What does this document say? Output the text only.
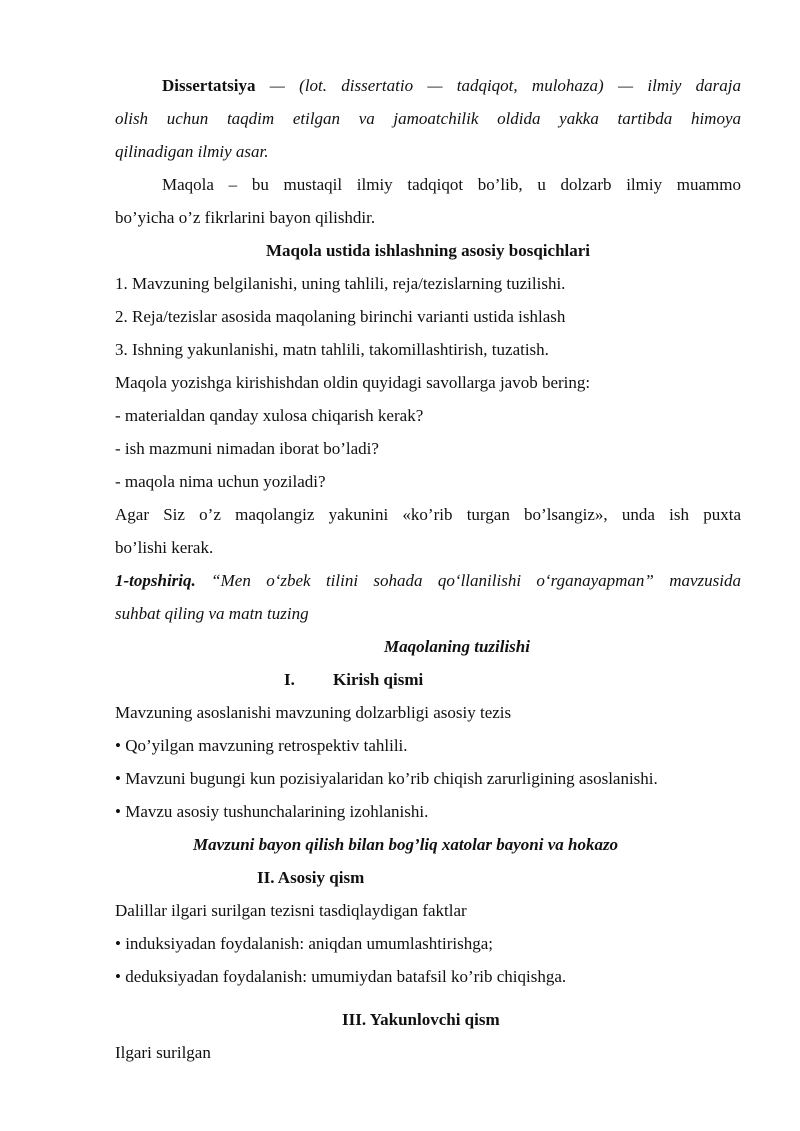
Dissertatsiya — (lot. dissertatio — tadqiqot, mulohaza) — ilmiy daraja
olish uchun taqdim etilgan va jamoatchilik oldida yakka tartibda himoya
qilinadigan ilmiy asar.
Maqola – bu mustaqil ilmiy tadqiqot bo’lib, u dolzarb ilmiy muammo
bo’yicha o’z fikrlarini bayon qilishdir.
Maqola ustida ishlashning asosiy bosqichlari
1. Mavzuning belgilanishi, uning tahlili, reja/tezislarning tuzilishi.
2. Reja/tezislar asosida maqolaning birinchi varianti ustida ishlash
3. Ishning yakunlanishi, matn tahlili, takomillashtirish, tuzatish.
Maqola yozishga kirishishdan oldin quyidagi savollarga javob bering:
- materialdan qanday xulosa chiqarish kerak?
- ish mazmuni nimadan iborat bo’ladi?
- maqola nima uchun yoziladi?
Agar Siz o’z maqolangiz yakunini «ko’rib turgan bo’lsangiz», unda ish puxta
bo’lishi kerak.
1-topshiriq. “Men oʻzbek tilini sohada qoʻllanilishi oʻrganayapman” mavzusida
suhbat qiling va matn tuzing
Maqolaning tuzilishi
I.	Kirish qismi
Mavzuning asoslanishi mavzuning dolzarbligi asosiy tezis
• Qo’yilgan mavzuning retrospektiv tahlili.
• Mavzuni bugungi kun pozisiyalaridan ko’rib chiqish zarurligining asoslanishi.
• Mavzu asosiy tushunchalarining izohlanishi.
Mavzuni bayon qilish bilan bog’liq xatolar bayoni va hokazo
II. Asosiy qism
Dalillar ilgari surilgan tezisni tasdiqlaydigan faktlar
• induksiyadan foydalanish: aniqdan umumlashtirishga;
• deduksiyadan foydalanish: umumiydan batafsil ko’rib chiqishga.
III. Yakunlovchi qism
Ilgari surilgan
